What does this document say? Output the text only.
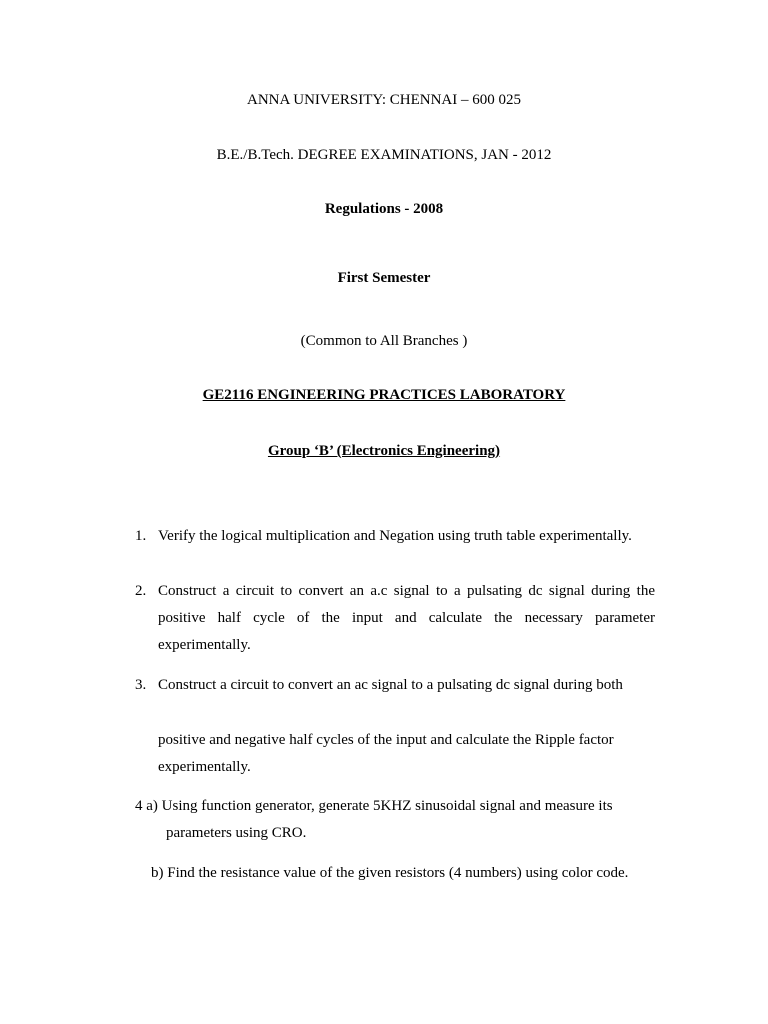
ANNA UNIVERSITY: CHENNAI – 600 025
B.E./B.Tech. DEGREE EXAMINATIONS, JAN - 2012
Regulations - 2008
First Semester
(Common to All Branches )
GE2116 ENGINEERING PRACTICES LABORATORY
Group ‘B’ (Electronics Engineering)
1. Verify the logical multiplication and Negation using truth table experimentally.
2. Construct a circuit to convert an a.c signal to a pulsating dc signal during the positive half cycle of the input and calculate the necessary parameter experimentally.
3. Construct a circuit to convert an ac signal to a pulsating dc signal during both
positive and negative half cycles of the input and calculate the Ripple factor
experimentally.
4 a) Using function generator, generate 5KHZ sinusoidal signal and measure its
parameters using CRO.
b) Find the resistance value of the given resistors (4 numbers) using color code.
